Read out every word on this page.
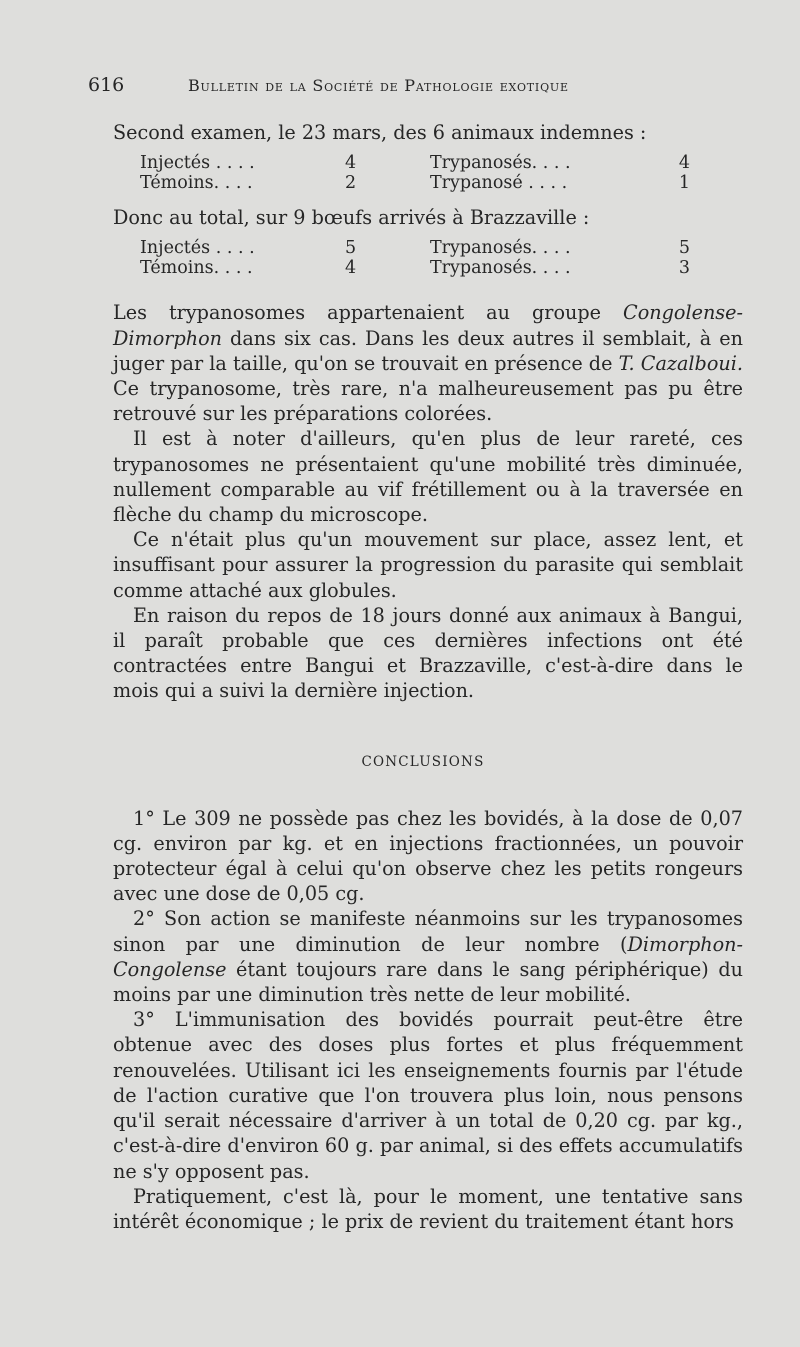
616	Bulletin de la Société de Pathologie exotique

Second examen, le 23 mars, des 6 animaux indemnes :

Injectés . . . .	4	Trypanosés. . . .	4
Témoins. . . .	2	Trypanosé . . . .	1

Donc au total, sur 9 bœufs arrivés à Brazzaville :

Injectés . . . .	5	Trypanosés. . . .	5
Témoins. . . .	4	Trypanosés. . . .	3

Les trypanosomes appartenaient au groupe Congolense-Dimorphon dans six cas. Dans les deux autres il semblait, à en juger par la taille, qu'on se trouvait en présence de T. Cazalboui. Ce trypanosome, très rare, n'a malheureusement pas pu être retrouvé sur les préparations colorées.

Il est à noter d'ailleurs, qu'en plus de leur rareté, ces trypanosomes ne présentaient qu'une mobilité très diminuée, nullement comparable au vif frétillement ou à la traversée en flèche du champ du microscope.

Ce n'était plus qu'un mouvement sur place, assez lent, et insuffisant pour assurer la progression du parasite qui semblait comme attaché aux globules.

En raison du repos de 18 jours donné aux animaux à Bangui, il paraît probable que ces dernières infections ont été contractées entre Bangui et Brazzaville, c'est-à-dire dans le mois qui a suivi la dernière injection.

CONCLUSIONS

1° Le 309 ne possède pas chez les bovidés, à la dose de 0,07 cg. environ par kg. et en injections fractionnées, un pouvoir protecteur égal à celui qu'on observe chez les petits rongeurs avec une dose de 0,05 cg.

2° Son action se manifeste néanmoins sur les trypanosomes sinon par une diminution de leur nombre (Dimorphon-Congolense étant toujours rare dans le sang périphérique) du moins par une diminution très nette de leur mobilité.

3° L'immunisation des bovidés pourrait peut-être être obtenue avec des doses plus fortes et plus fréquemment renouvelées. Utilisant ici les enseignements fournis par l'étude de l'action curative que l'on trouvera plus loin, nous pensons qu'il serait nécessaire d'arriver à un total de 0,20 cg. par kg., c'est-à-dire d'environ 60 g. par animal, si des effets accumulatifs ne s'y opposent pas.

Pratiquement, c'est là, pour le moment, une tentative sans intérêt économique ; le prix de revient du traitement étant hors
